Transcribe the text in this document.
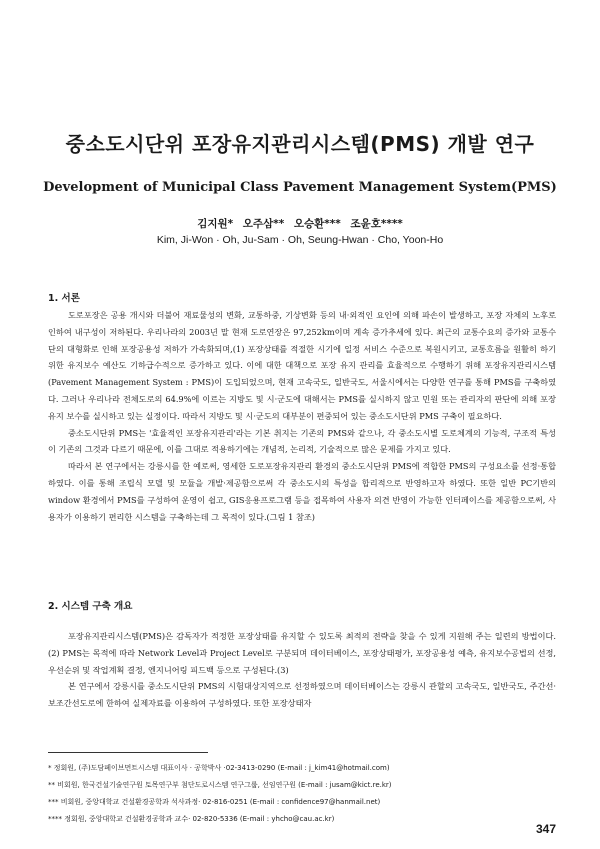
중소도시단위 포장유지관리시스템(PMS) 개발 연구
Development of Municipal Class Pavement Management System(PMS)
김지원* 오주삼** 오승환*** 조윤호****
Kim, Ji-Won · Oh, Ju-Sam · Oh, Seung-Hwan · Cho, Yoon-Ho
1. 서론

도로포장은 공용 개시와 더불어 재료물성의 변화, 교통하중, 기상변화 등의 내·외적인 요인에 의해 파손이 발생하고, 포장 자체의 노후로 인하여 내구성이 저하된다. 우리나라의 2003년 말 현재 도로연장은 97,252km이며 계속 증가추세에 있다. 최근의 교통수요의 증가와 교통수단의 대형화로 인해 포장공용성 저하가 가속화되며,(1) 포장상태를 적절한 시기에 일정 서비스 수준으로 복원시키고, 교통흐름을 원활히 하기 위한 유지보수 예산도 기하급수적으로 증가하고 있다. 이에 대한 대책으로 포장 유지 관리를 효율적으로 수행하기 위해 포장유지관리시스템(Pavement Management System : PMS)이 도입되었으며, 현재 고속국도, 일반국도, 서울시에서는 다양한 연구를 통해 PMS를 구축하였다. 그러나 우리나라 전체도로의 64.9%에 이르는 지방도 및 시·군도에 대해서는 PMS를 실시하지 않고 민원 또는 관리자의 판단에 의해 포장 유지 보수를 실시하고 있는 실정이다. 따라서 지방도 및 시·군도의 대부분이 편중되어 있는 중소도시단위 PMS 구축이 필요하다.

중소도시단위 PMS는 '효율적인 포장유지관리'라는 기본 취지는 기존의 PMS와 같으나, 각 중소도시별 도로체계의 기능적, 구조적 특성이 기존의 그것과 다르기 때문에, 이를 그대로 적용하기에는 개념적, 논리적, 기술적으로 많은 문제를 가지고 있다.

따라서 본 연구에서는 강릉시를 한 예로써, 영세한 도로포장유지관리 환경의 중소도시단위 PMS에 적합한 PMS의 구성요소를 선정·통합하였다. 이를 통해 조립식 모델 및 모듈을 개발·제공함으로써 각 중소도시의 특성을 합리적으로 반영하고자 하였다. 또한 일반 PC기반의 window 환경에서 PMS를 구성하여 운영이 쉽고, GIS응용프로그램 등을 접목하여 사용자 의견 반영이 가능한 인터페이스를 제공함으로써, 사용자가 이용하기 편리한 시스템을 구축하는데 그 목적이 있다.(그림 1 참조)

2. 시스템 구축 개요

포장유지관리시스템(PMS)은 감독자가 적정한 포장상태를 유지할 수 있도록 최적의 전략을 찾을 수 있게 지원해 주는 일련의 방법이다.(2) PMS는 목적에 따라 Network Level과 Project Level로 구분되며 데이터베이스, 포장상태평가, 포장공용성 예측, 유지보수공법의 선정, 우선순위 및 작업계획 결정, 엔지니어링 피드백 등으로 구성된다.(3)

본 연구에서 강릉시를 중소도시단위 PMS의 시험대상지역으로 선정하였으며 데이터베이스는 강릉시 관할의 고속국도, 일반국도, 주간선·보조간선도로에 한하여 실제자료를 이용하여 구성하였다. 또한 포장상태자

* 정회원, (주)도담페이브먼트시스템 대표이사 · 공학박사 ·02-3413-0290 (E-mail : j_kim41@hotmail.com)
** 비회원, 한국건설기술연구원 토목연구부 첨단도로시스템 연구그룹, 선임연구원 (E-mail : jusam@kict.re.kr)
*** 비회원, 중앙대학교 건설환경공학과 석사과정· 02-816-0251 (E-mail : confidence97@hanmail.net)
**** 정회원, 중앙대학교 건설환경공학과 교수· 02-820-5336 (E-mail : yhcho@cau.ac.kr)
347
